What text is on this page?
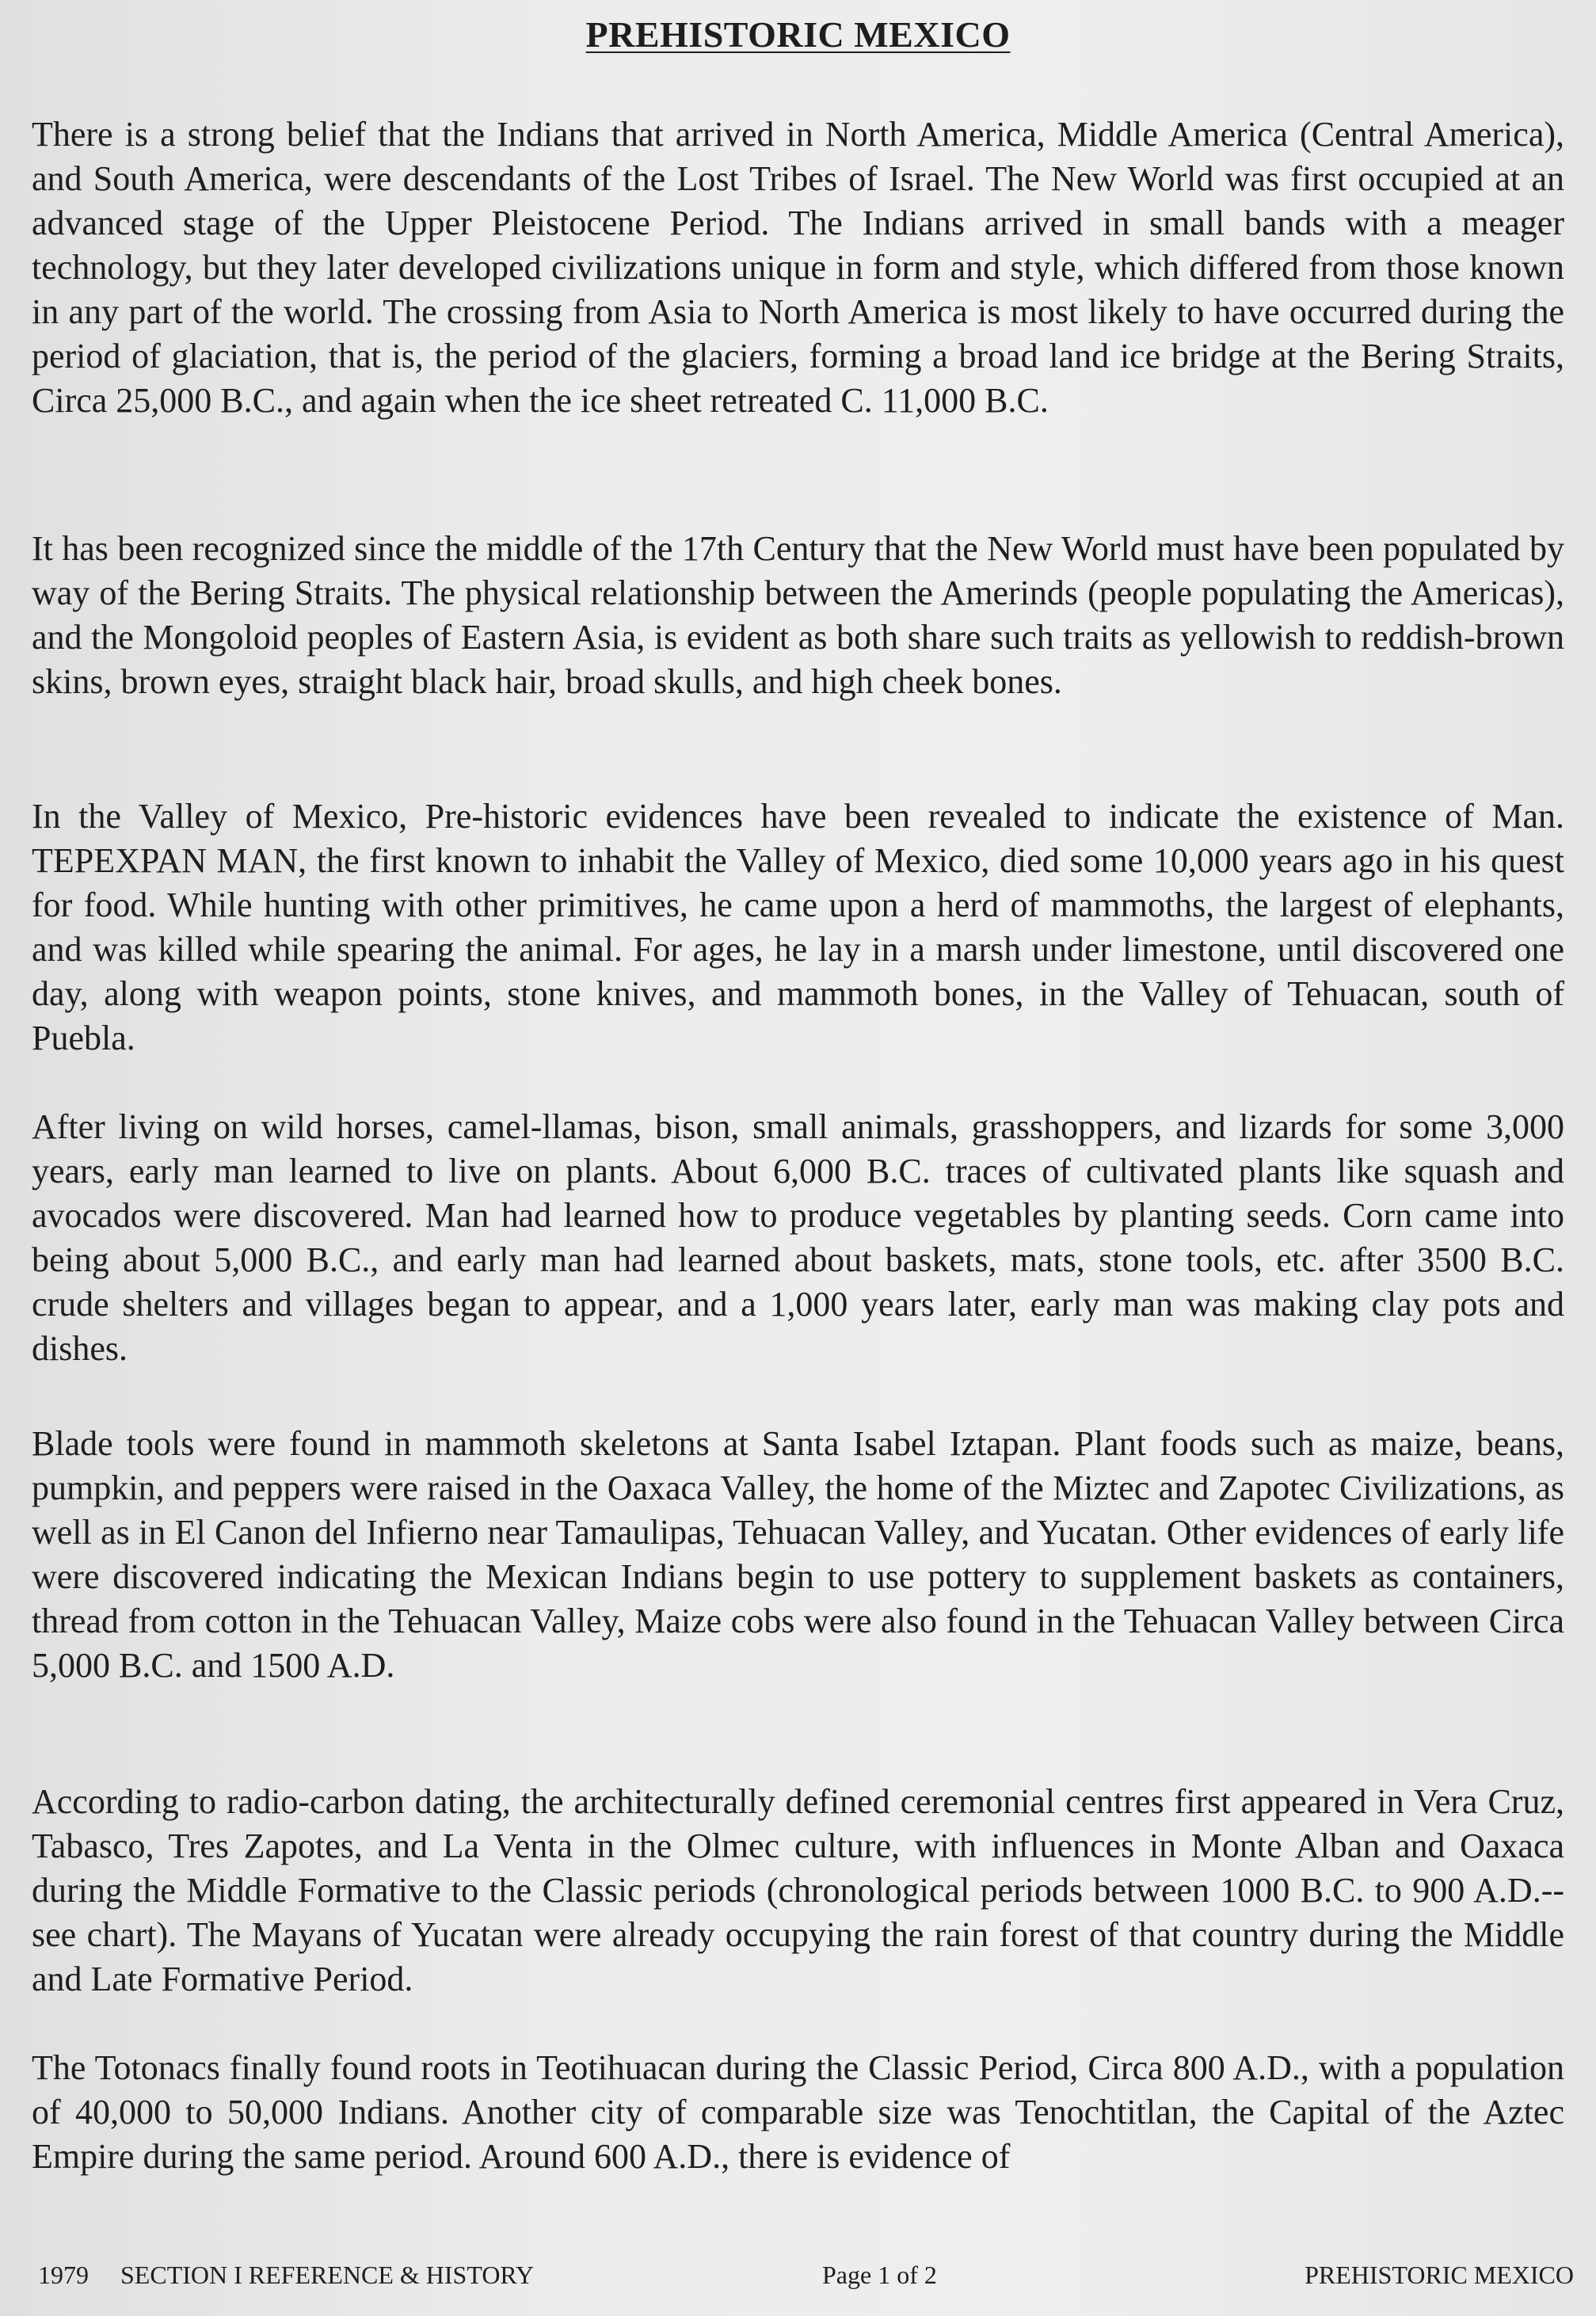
PREHISTORIC MEXICO

There is a strong belief that the Indians that arrived in North America, Middle America (Central America), and South America, were descendants of the Lost Tribes of Israel. The New World was first occupied at an advanced stage of the Upper Pleistocene Period. The Indians arrived in small bands with a meager technology, but they later developed civilizations unique in form and style, which differed from those known in any part of the world. The crossing from Asia to North America is most likely to have occurred during the period of glaciation, that is, the period of the glaciers, forming a broad land ice bridge at the Bering Straits, Circa 25,000 B.C., and again when the ice sheet retreated C. 11,000 B.C.

It has been recognized since the middle of the 17th Century that the New World must have been populated by way of the Bering Straits. The physical relationship between the Amerinds (people populating the Americas), and the Mongoloid peoples of Eastern Asia, is evident as both share such traits as yellowish to reddish-brown skins, brown eyes, straight black hair, broad skulls, and high cheek bones.

In the Valley of Mexico, Pre-historic evidences have been revealed to indicate the existence of Man. TEPEXPAN MAN, the first known to inhabit the Valley of Mexico, died some 10,000 years ago in his quest for food. While hunting with other primitives, he came upon a herd of mammoths, the largest of elephants, and was killed while spearing the animal. For ages, he lay in a marsh under limestone, until discovered one day, along with weapon points, stone knives, and mammoth bones, in the Valley of Tehuacan, south of Puebla.

After living on wild horses, camel-llamas, bison, small animals, grasshoppers, and lizards for some 3,000 years, early man learned to live on plants. About 6,000 B.C. traces of cultivated plants like squash and avocados were discovered. Man had learned how to produce vegetables by planting seeds. Corn came into being about 5,000 B.C., and early man had learned about baskets, mats, stone tools, etc. after 3500 B.C. crude shelters and villages began to appear, and a 1,000 years later, early man was making clay pots and dishes.

Blade tools were found in mammoth skeletons at Santa Isabel Iztapan. Plant foods such as maize, beans, pumpkin, and peppers were raised in the Oaxaca Valley, the home of the Miztec and Zapotec Civilizations, as well as in El Canon del Infierno near Tamaulipas, Tehuacan Valley, and Yucatan. Other evidences of early life were discovered indicating the Mexican Indians begin to use pottery to supplement baskets as containers, thread from cotton in the Tehuacan Valley, Maize cobs were also found in the Tehuacan Valley between Circa 5,000 B.C. and 1500 A.D.

According to radio-carbon dating, the architecturally defined ceremonial centres first appeared in Vera Cruz, Tabasco, Tres Zapotes, and La Venta in the Olmec culture, with influences in Monte Alban and Oaxaca during the Middle Formative to the Classic periods (chronological periods between 1000 B.C. to 900 A.D.--see chart). The Mayans of Yucatan were already occupying the rain forest of that country during the Middle and Late Formative Period.

The Totonacs finally found roots in Teotihuacan during the Classic Period, Circa 800 A.D., with a population of 40,000 to 50,000 Indians. Another city of comparable size was Tenochtitlan, the Capital of the Aztec Empire during the same period. Around 600 A.D., there is evidence of

1979 SECTION I REFERENCE & HISTORY	Page 1 of 2	PREHISTORIC MEXICO
